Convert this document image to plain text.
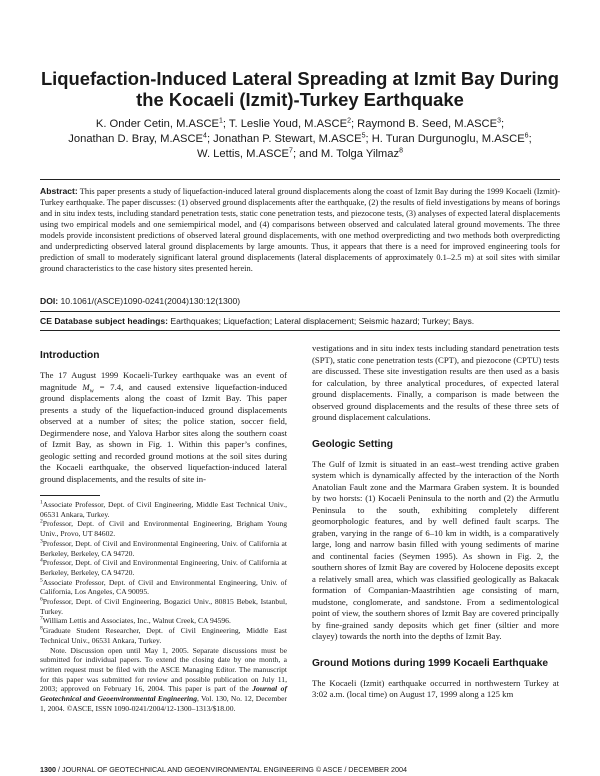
Liquefaction-Induced Lateral Spreading at Izmit Bay During
the Kocaeli (Izmit)-Turkey Earthquake

K. Onder Cetin, M.ASCE$^1$; T. Leslie Youd, M.ASCE$^2$; Raymond B. Seed, M.ASCE$^3$;
Jonathan D. Bray, M.ASCE$^4$; Jonathan P. Stewart, M.ASCE$^5$; H. Turan Durgunoglu, M.ASCE$^6$;
W. Lettis, M.ASCE$^7$; and M. Tolga Yilmaz$^8$

Abstract: This paper presents a study of liquefaction-induced lateral ground displacements along the coast of Izmit Bay during the 1999 Kocaeli (Izmit)-Turkey earthquake. The paper discusses: (1) observed ground displacements after the earthquake, (2) the results of field investigations by means of borings and in situ index tests, including standard penetration tests, static cone penetration tests, and piezocone tests, (3) analyses of expected lateral displacements using two empirical models and one semiempirical model, and (4) comparisons between observed and calculated lateral ground movements. The three models provide inconsistent predictions of observed lateral ground displacements, with one method overpredicting and two methods both overpredicting and underpredicting observed lateral ground displacements by large amounts. Thus, it appears that there is a need for improved engineering tools for prediction of small to moderately significant lateral ground displacements (lateral displacements of approximately 0.1–2.5 m) at soil sites with similar ground characteristics to the case history sites presented herein.

DOI: 10.1061/(ASCE)1090-0241(2004)130:12(1300)

CE Database subject headings: Earthquakes; Liquefaction; Lateral displacement; Seismic hazard; Turkey; Bays.

Introduction

The 17 August 1999 Kocaeli-Turkey earthquake was an event of magnitude $M_w = 7.4$, and caused extensive liquefaction-induced ground displacements along the coast of Izmit Bay. This paper presents a study of the liquefaction-induced ground displacements observed at a number of sites; the police station, soccer field, Degirmendere nose, and Yalova Harbor sites along the southern coast of Izmit Bay, as shown in Fig. 1. Within this paper’s confines, geologic setting and recorded ground motions at the soil sites during the Kocaeli earthquake, the observed liquefaction-induced lateral ground displacements, and the results of site in-

$^1$Associate Professor, Dept. of Civil Engineering, Middle East Technical Univ., 06531 Ankara, Turkey.

$^2$Professor, Dept. of Civil and Environmental Engineering, Brigham Young Univ., Provo, UT 84602.

$^3$Professor, Dept. of Civil and Environmental Engineering, Univ. of California at Berkeley, Berkeley, CA 94720.

$^4$Professor, Dept. of Civil and Environmental Engineering, Univ. of California at Berkeley, Berkeley, CA 94720.

$^5$Associate Professor, Dept. of Civil and Environmental Engineering, Univ. of California, Los Angeles, CA 90095.

$^6$Professor, Dept. of Civil Engineering, Bogazici Univ., 80815 Bebek, Istanbul, Turkey.

$^7$William Lettis and Associates, Inc., Walnut Creek, CA 94596.

$^8$Graduate Student Researcher, Dept. of Civil Engineering, Middle East Technical Univ., 06531 Ankara, Turkey.

Note. Discussion open until May 1, 2005. Separate discussions must be submitted for individual papers. To extend the closing date by one month, a written request must be filed with the ASCE Managing Editor. The manuscript for this paper was submitted for review and possible publication on July 11, 2003; approved on February 16, 2004. This paper is part of the Journal of Geotechnical and Geoenvironmental Engineering, Vol. 130, No. 12, December 1, 2004. ©ASCE, ISSN 1090-0241/2004/12-1300–1313/$18.00.

vestigations and in situ index tests including standard penetration tests (SPT), static cone penetration tests (CPT), and piezocone (CPTU) tests are discussed. These site investigation results are then used as a basis for calculation, by three analytical procedures, of expected lateral ground displacements. Finally, a comparison is made between the observed ground displacements and the results of these three sets of ground displacement calculations.

Geologic Setting

The Gulf of Izmit is situated in an east–west trending active graben system which is dynamically affected by the interaction of the North Anatolian Fault zone and the Marmara Graben system. It is bounded by two horsts: (1) Kocaeli Peninsula to the north and (2) the Armutlu Peninsula to the south, exhibiting completely different geomorphologic features, and by well defined fault scarps. The graben, varying in the range of 6–10 km in width, is a comparatively large, long and narrow basin filled with young sediments of marine and continental facies (Seymen 1995). As shown in Fig. 2, the southern shores of Izmit Bay are covered by Holocene deposits except a relatively small area, which was classified geologically as Bakacak formation of Companian-Maastrihtien age consisting of marn, mudstone, conglomerate, and sandstone. From a sedimentological point of view, the southern shores of Izmit Bay are covered principally by fine-grained sandy deposits which get finer (siltier and more clayey) towards the north into the depths of Izmit Bay.

Ground Motions during 1999 Kocaeli Earthquake

The Kocaeli (Izmit) earthquake occurred in northwestern Turkey at 3:02 a.m. (local time) on August 17, 1999 along a 125 km

1300 / JOURNAL OF GEOTECHNICAL AND GEOENVIRONMENTAL ENGINEERING © ASCE / DECEMBER 2004
